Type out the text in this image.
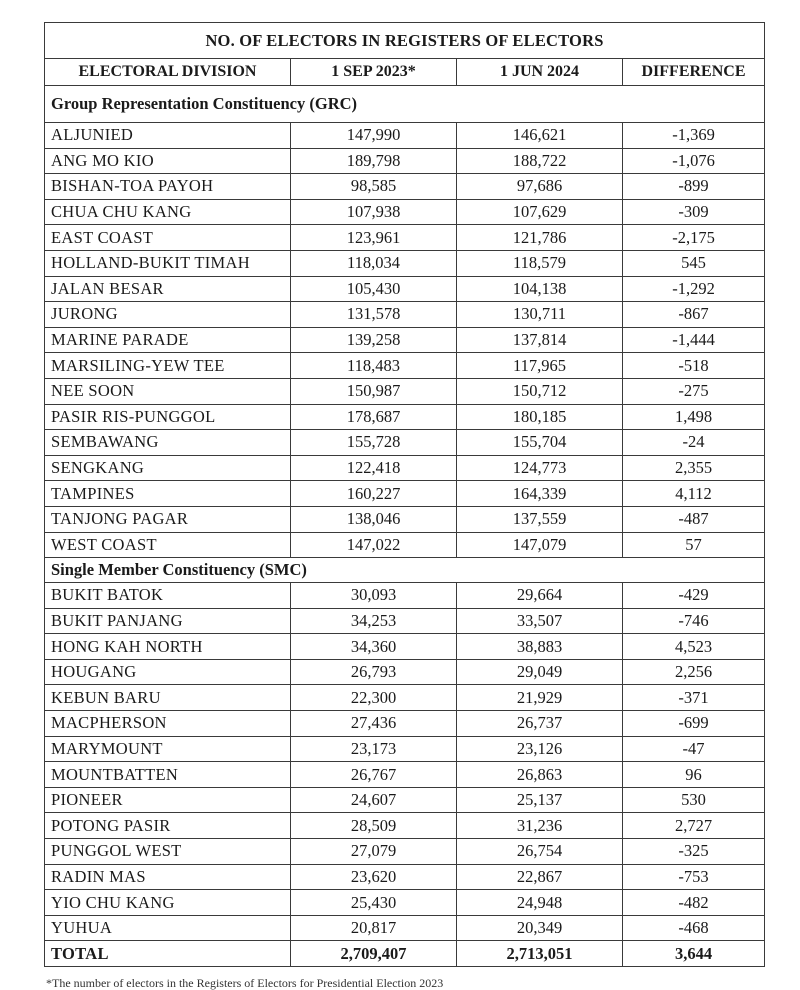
NO. OF ELECTORS IN REGISTERS OF ELECTORS			
ELECTORAL DIVISION	1 SEP 2023*	1 JUN 2024	DIFFERENCE
Group Representation Constituency (GRC)			
ALJUNIED	147,990	146,621	-1,369
ANG MO KIO	189,798	188,722	-1,076
BISHAN-TOA PAYOH	98,585	97,686	-899
CHUA CHU KANG	107,938	107,629	-309
EAST COAST	123,961	121,786	-2,175
HOLLAND-BUKIT TIMAH	118,034	118,579	545
JALAN BESAR	105,430	104,138	-1,292
JURONG	131,578	130,711	-867
MARINE PARADE	139,258	137,814	-1,444
MARSILING-YEW TEE	118,483	117,965	-518
NEE SOON	150,987	150,712	-275
PASIR RIS-PUNGGOL	178,687	180,185	1,498
SEMBAWANG	155,728	155,704	-24
SENGKANG	122,418	124,773	2,355
TAMPINES	160,227	164,339	4,112
TANJONG PAGAR	138,046	137,559	-487
WEST COAST	147,022	147,079	57
Single Member Constituency (SMC)			
BUKIT BATOK	30,093	29,664	-429
BUKIT PANJANG	34,253	33,507	-746
HONG KAH NORTH	34,360	38,883	4,523
HOUGANG	26,793	29,049	2,256
KEBUN BARU	22,300	21,929	-371
MACPHERSON	27,436	26,737	-699
MARYMOUNT	23,173	23,126	-47
MOUNTBATTEN	26,767	26,863	96
PIONEER	24,607	25,137	530
POTONG PASIR	28,509	31,236	2,727
PUNGGOL WEST	27,079	26,754	-325
RADIN MAS	23,620	22,867	-753
YIO CHU KANG	25,430	24,948	-482
YUHUA	20,817	20,349	-468
TOTAL	2,709,407	2,713,051	3,644
*The number of electors in the Registers of Electors for Presidential Election 2023
